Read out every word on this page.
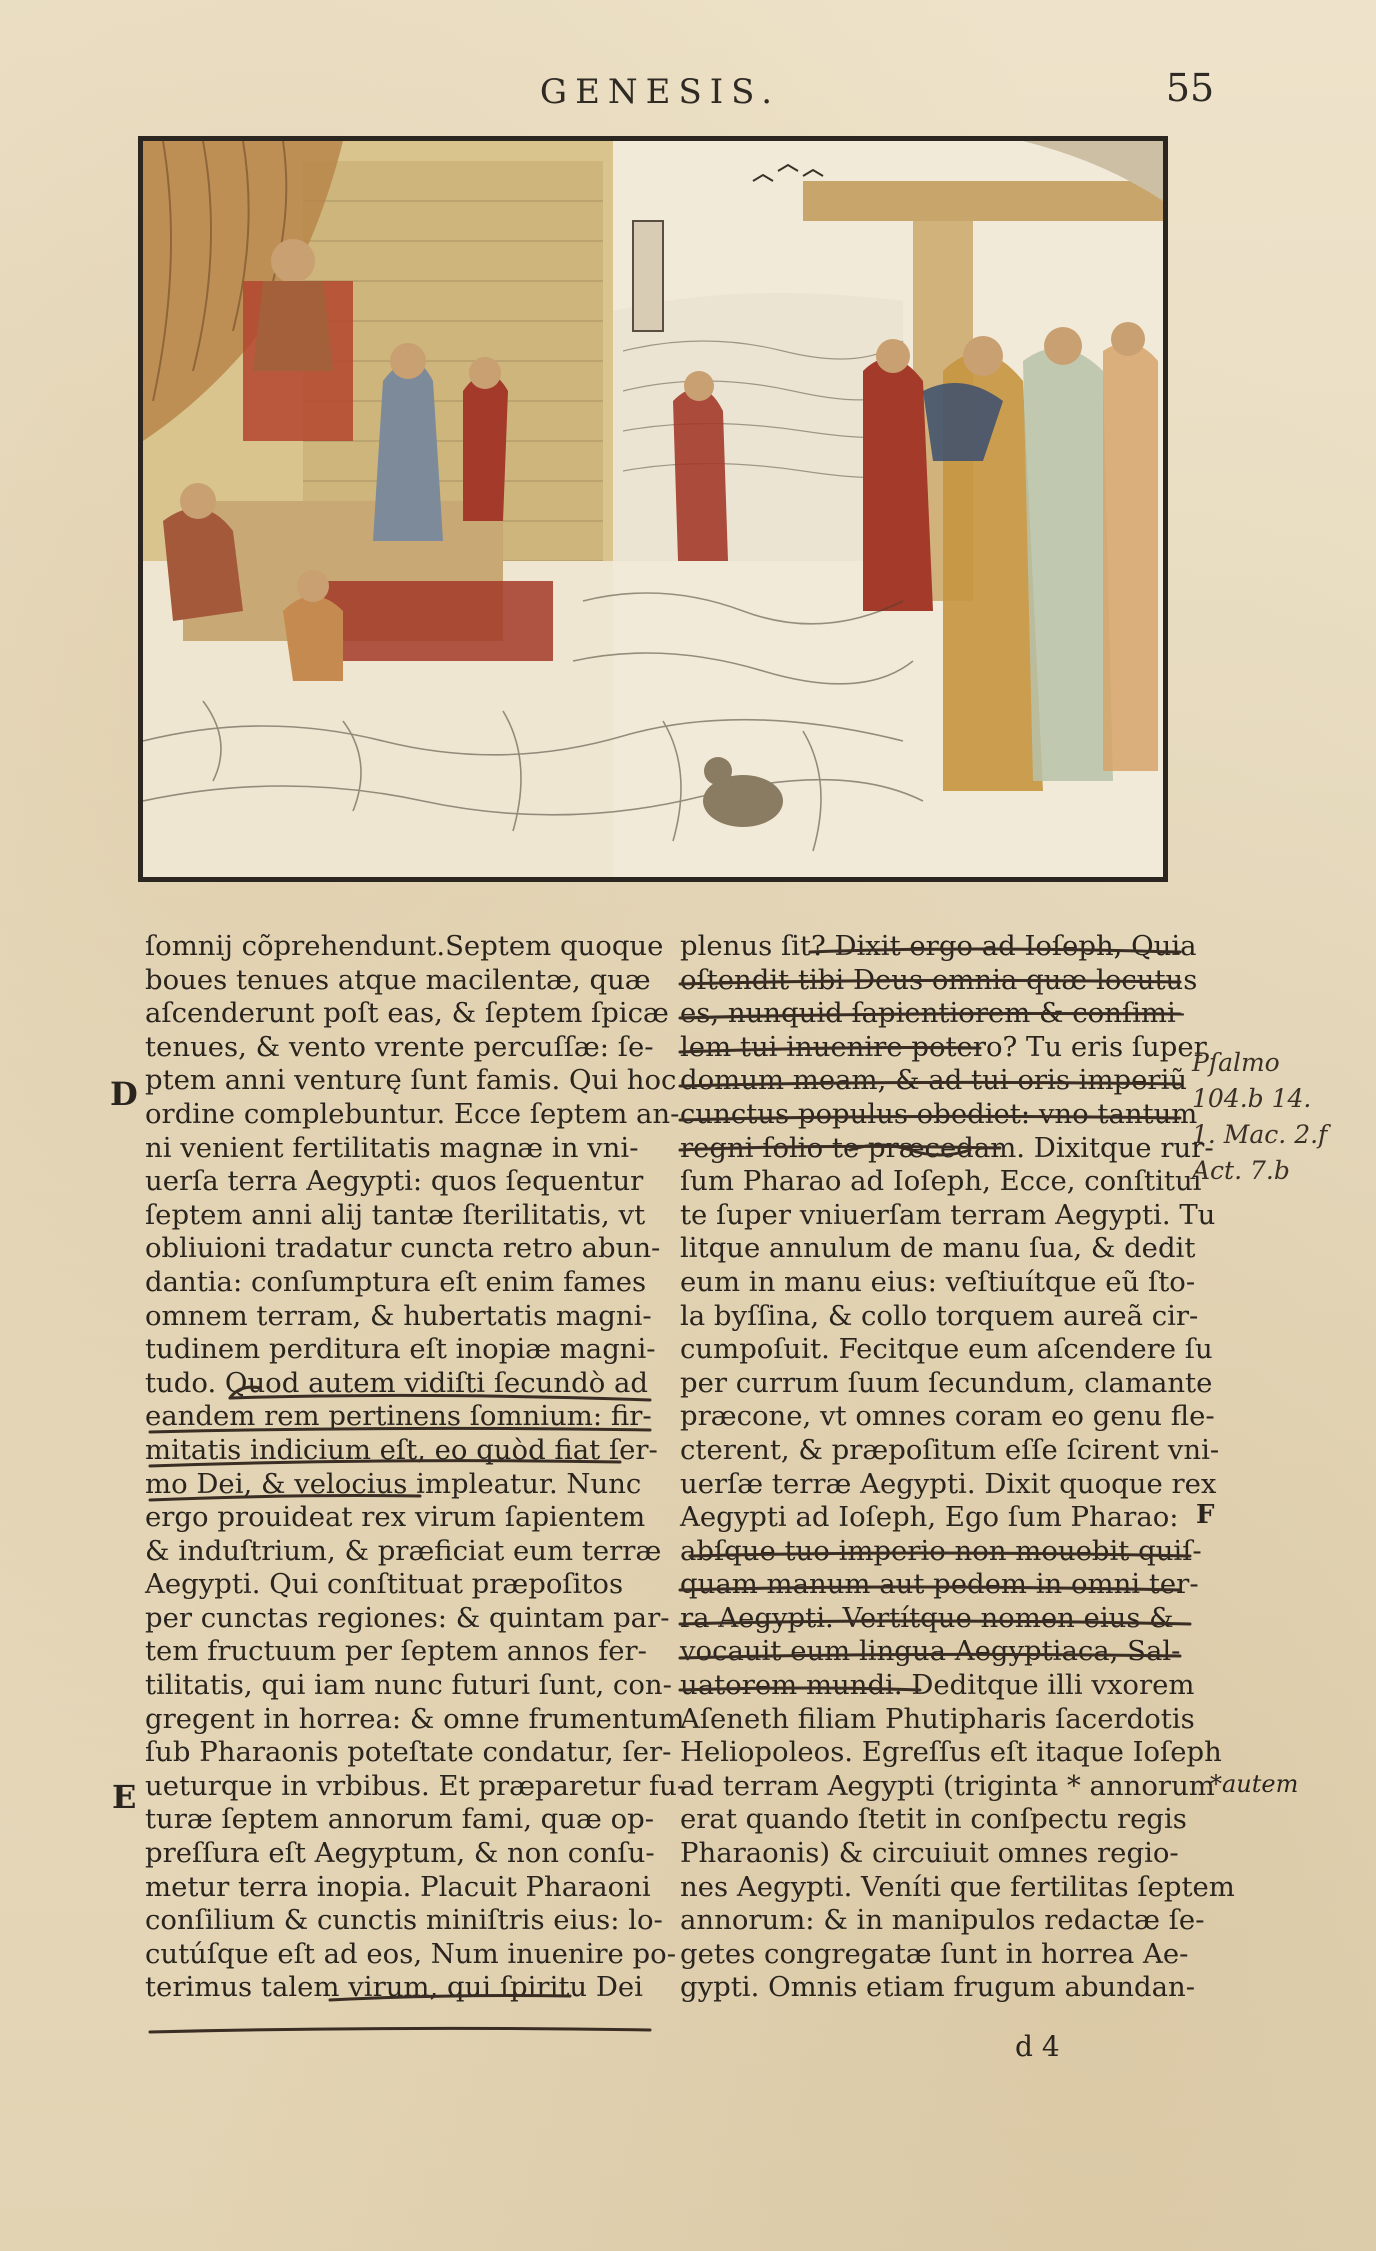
GENESIS.	55
D
E
F
ſomnij cõprehendunt.Septem quoque
boues tenues atque macilentæ, quæ
aſcenderunt poſt eas, & ſeptem ſpicæ
tenues, & vento vrente percuſſæ: ſe-
ptem anni venturę ſunt famis. Qui hoc
ordine complebuntur. Ecce ſeptem an-
ni venient fertilitatis magnæ in vni-
uerſa terra Aegypti: quos ſequentur
ſeptem anni alij tantæ ſterilitatis, vt
obliuioni tradatur cuncta retro abun-
dantia: conſumptura eſt enim fames
omnem terram, & hubertatis magni-
tudinem perditura eſt inopiæ magni-
tudo. Quod autem vidiſti ſecundò ad
eandem rem pertinens ſomnium: fir-
mitatis indicium eſt, eo quòd fiat ſer-
mo Dei, & velocius impleatur. Nunc
ergo prouideat rex virum ſapientem
& induſtrium, & præficiat eum terræ
Aegypti. Qui conſtituat præpoſitos
per cunctas regiones: & quintam par-
tem fructuum per ſeptem annos fer-
tilitatis, qui iam nunc futuri ſunt, con-
gregent in horrea: & omne frumentum
ſub Pharaonis poteſtate condatur, ſer-
ueturque in vrbibus. Et præparetur fu-
turæ ſeptem annorum fami, quæ op-
preſſura eſt Aegyptum, & non conſu-
metur terra inopia. Placuit Pharaoni
conſilium & cunctis miniſtris eius: lo-
cutúſque eſt ad eos, Num inuenire po-
terimus talem virum, qui ſpiritu Dei
plenus ſit? Dixit ergo ad Ioſeph, Quia
oſtendit tibi Deus omnia quæ locutus
es, nunquid ſapientiorem & conſimi-
lem tui inuenire potero? Tu eris ſuper
domum meam, & ad tui oris imperiũ
cunctus populus obediet: vno tantum
regni ſolio te præcedam. Dixitque rur-
ſum Pharao ad Ioſeph, Ecce, conſtitui
te ſuper vniuerſam terram Aegypti. Tu
litque annulum de manu ſua, & dedit
eum in manu eius: veſtiuítque eũ ſto-
la byſſina, & collo torquem aureã cir-
cumpoſuit. Fecitque eum aſcendere ſu
per currum ſuum ſecundum, clamante
præcone, vt omnes coram eo genu fle-
cterent, & præpoſitum eſſe ſcirent vni-
uerſæ terræ Aegypti. Dixit quoque rex
Aegypti ad Ioſeph, Ego ſum Pharao:
abſque tuo imperio non mouebit quiſ-
quam manum aut pedem in omni ter-
ra Aegypti. Vertítque nomen eius &
vocauit eum lingua Aegyptiaca, Sal-
uatorem mundi. Deditque illi vxorem
Aſeneth filiam Phutipharis ſacerdotis
Heliopoleos. Egreſſus eſt itaque Ioſeph
ad terram Aegypti (triginta * annorum
erat quando ſtetit in conſpectu regis
Pharaonis) & circuiuit omnes regio-
nes Aegypti. Veníti que fertilitas ſeptem
annorum: & in manipulos redactæ ſe-
getes congregatæ ſunt in horrea Ae-
gypti. Omnis etiam frugum abundan-
Pſalmo
104.b 14.
1. Mac. 2.f
Act. 7.b
*autem
d 4
